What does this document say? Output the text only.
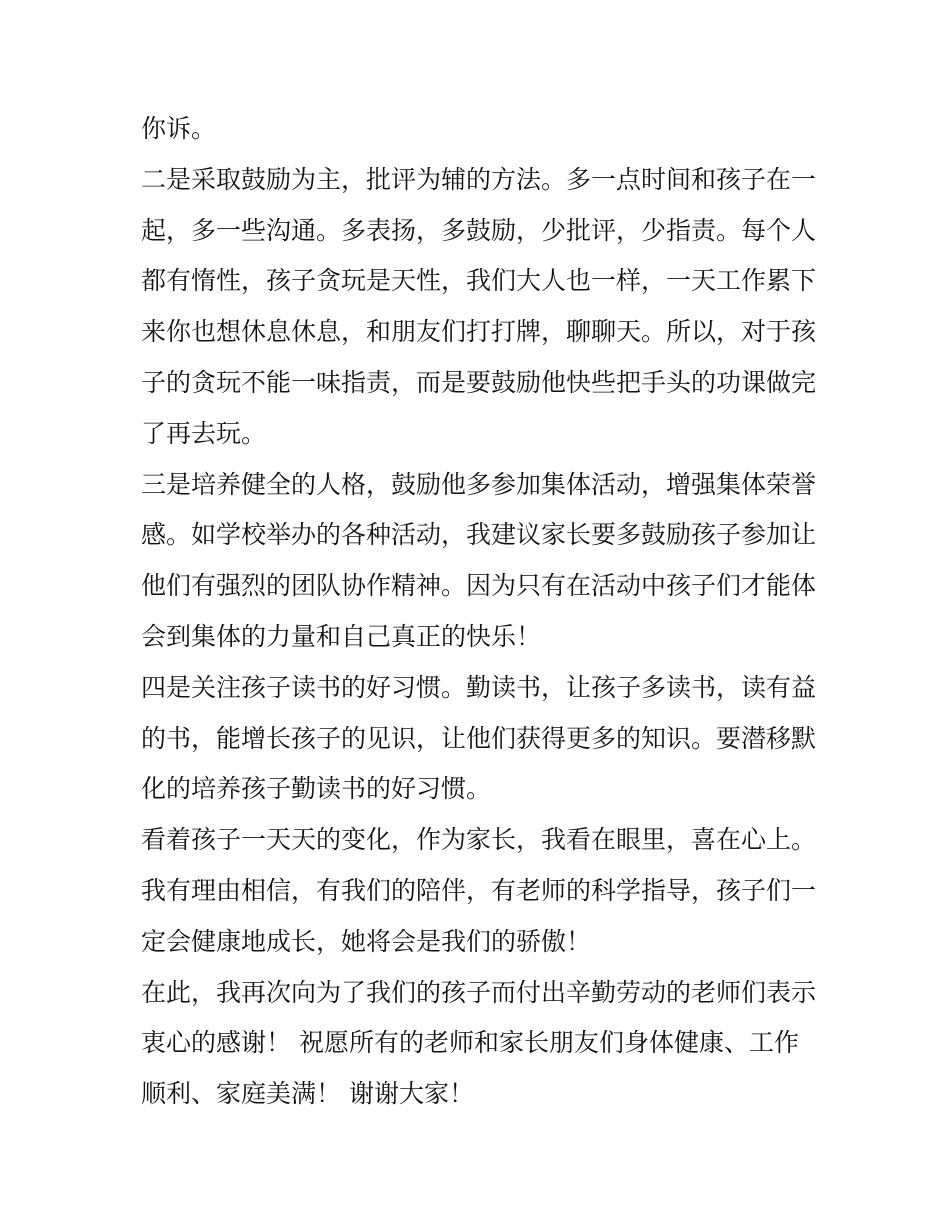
你诉。
二是采取鼓励为主，批评为辅的方法。多一点时间和孩子在一
起，多一些沟通。多表扬，多鼓励，少批评，少指责。每个人
都有惰性，孩子贪玩是天性，我们大人也一样，一天工作累下
来你也想休息休息，和朋友们打打牌，聊聊天。所以，对于孩
子的贪玩不能一味指责，而是要鼓励他快些把手头的功课做完
了再去玩。
三是培养健全的人格，鼓励他多参加集体活动，增强集体荣誉
感。如学校举办的各种活动，我建议家长要多鼓励孩子参加让
他们有强烈的团队协作精神。因为只有在活动中孩子们才能体
会到集体的力量和自己真正的快乐！
四是关注孩子读书的好习惯。勤读书，让孩子多读书，读有益
的书，能增长孩子的见识，让他们获得更多的知识。要潜移默
化的培养孩子勤读书的好习惯。
看着孩子一天天的变化，作为家长，我看在眼里，喜在心上。
我有理由相信，有我们的陪伴，有老师的科学指导，孩子们一
定会健康地成长，她将会是我们的骄傲！
在此，我再次向为了我们的孩子而付出辛勤劳动的老师们表示
衷心的感谢！ 祝愿所有的老师和家长朋友们身体健康、工作
顺利、家庭美满！ 谢谢大家！
